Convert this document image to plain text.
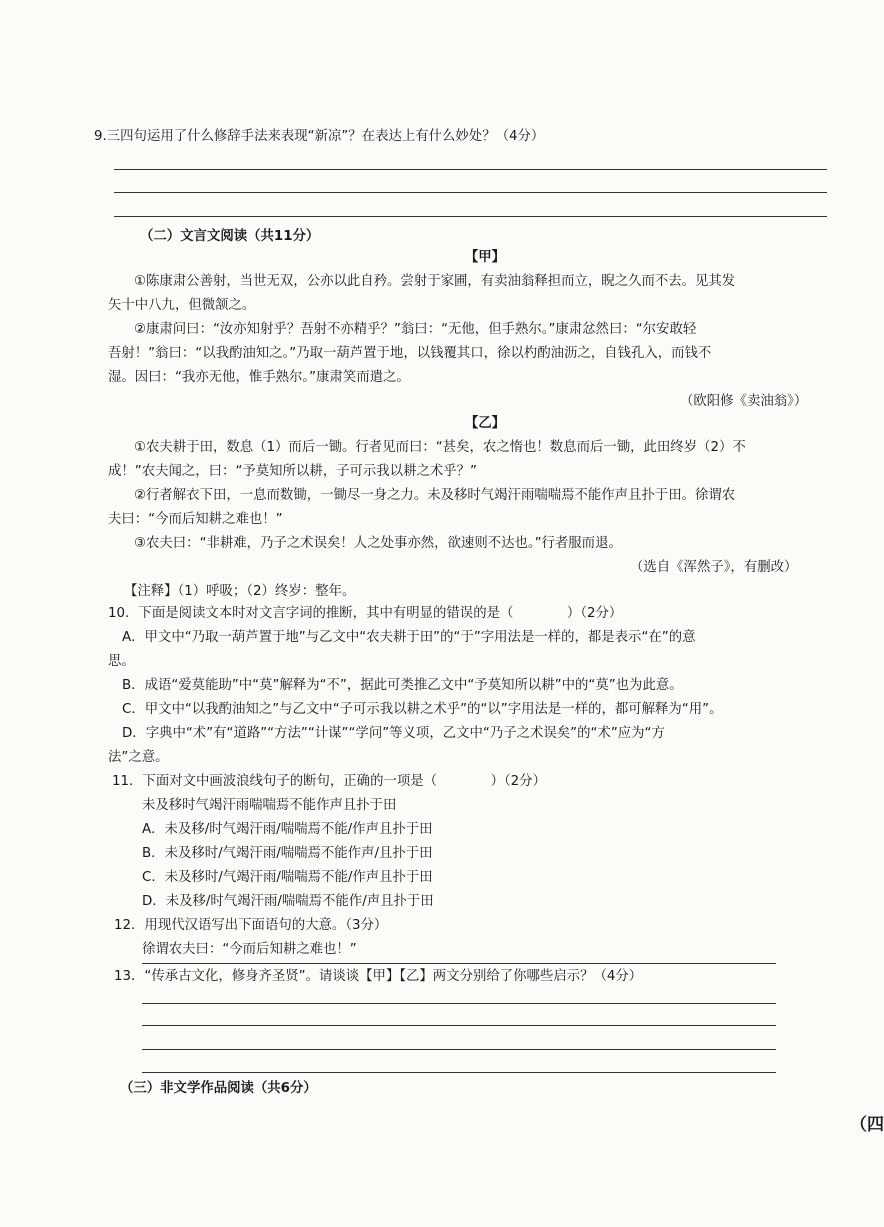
9.三四句运用了什么修辞手法来表现“新凉”？在表达上有什么妙处？（4分）
（二）文言文阅读（共11分）
【甲】
①陈康肃公善射，当世无双，公亦以此自矜。尝射于家圃，有卖油翁释担而立，睨之久而不去。见其发
矢十中八九，但微颔之。
②康肃问曰：“汝亦知射乎？吾射不亦精乎？”翁曰：“无他，但手熟尔。”康肃忿然曰：“尔安敢轻
吾射！”翁曰：“以我酌油知之。”乃取一葫芦置于地，以钱覆其口，徐以杓酌油沥之，自钱孔入，而钱不
湿。因曰：“我亦无他，惟手熟尔。”康肃笑而遣之。
（欧阳修《卖油翁》）
【乙】
①农夫耕于田，数息（1）而后一锄。行者见而曰：“甚矣，农之惰也！数息而后一锄，此田终岁（2）不
成！”农夫闻之，曰：“予莫知所以耕，子可示我以耕之术乎？”
②行者解衣下田，一息而数锄，一锄尽一身之力。未及移时气竭汗雨喘喘焉不能作声且扑于田。徐谓农
夫曰：“今而后知耕之难也！”
③农夫曰：“非耕难，乃子之术误矣！人之处事亦然，欲速则不达也。”行者服而退。
（选自《浑然子》，有删改）
【注释】（1）呼吸；（2）终岁：整年。
10．下面是阅读文本时对文言字词的推断，其中有明显的错误的是（　　　　）（2分）
A．甲文中“乃取一葫芦置于地”与乙文中“农夫耕于田”的“于”字用法是一样的，都是表示“在”的意
思。
B．成语“爱莫能助”中“莫”解释为“不”，据此可类推乙文中“予莫知所以耕”中的“莫”也为此意。
C．甲文中“以我酌油知之”与乙文中“子可示我以耕之术乎”的“以”字用法是一样的，都可解释为“用”。
D．字典中“术”有“道路”“方法”“计谋”“学问”等义项，乙文中“乃子之术误矣”的“术”应为“方
法”之意。
11．下面对文中画波浪线句子的断句，正确的一项是（　　　　）（2分）
未及移时气竭汗雨喘喘焉不能作声且扑于田
A．未及移/时气竭汗雨/喘喘焉不能/作声且扑于田
B．未及移时/气竭汗雨/喘喘焉不能作声/且扑于田
C．未及移时/气竭汗雨/喘喘焉不能/作声且扑于田
D．未及移/时气竭汗雨/喘喘焉不能作/声且扑于田
12．用现代汉语写出下面语句的大意。（3分）
徐谓农夫曰：“今而后知耕之难也！”
13．“传承古文化，修身齐圣贤”。请谈谈【甲】【乙】两文分别给了你哪些启示？（4分）
（三）非文学作品阅读（共6分）
（四
